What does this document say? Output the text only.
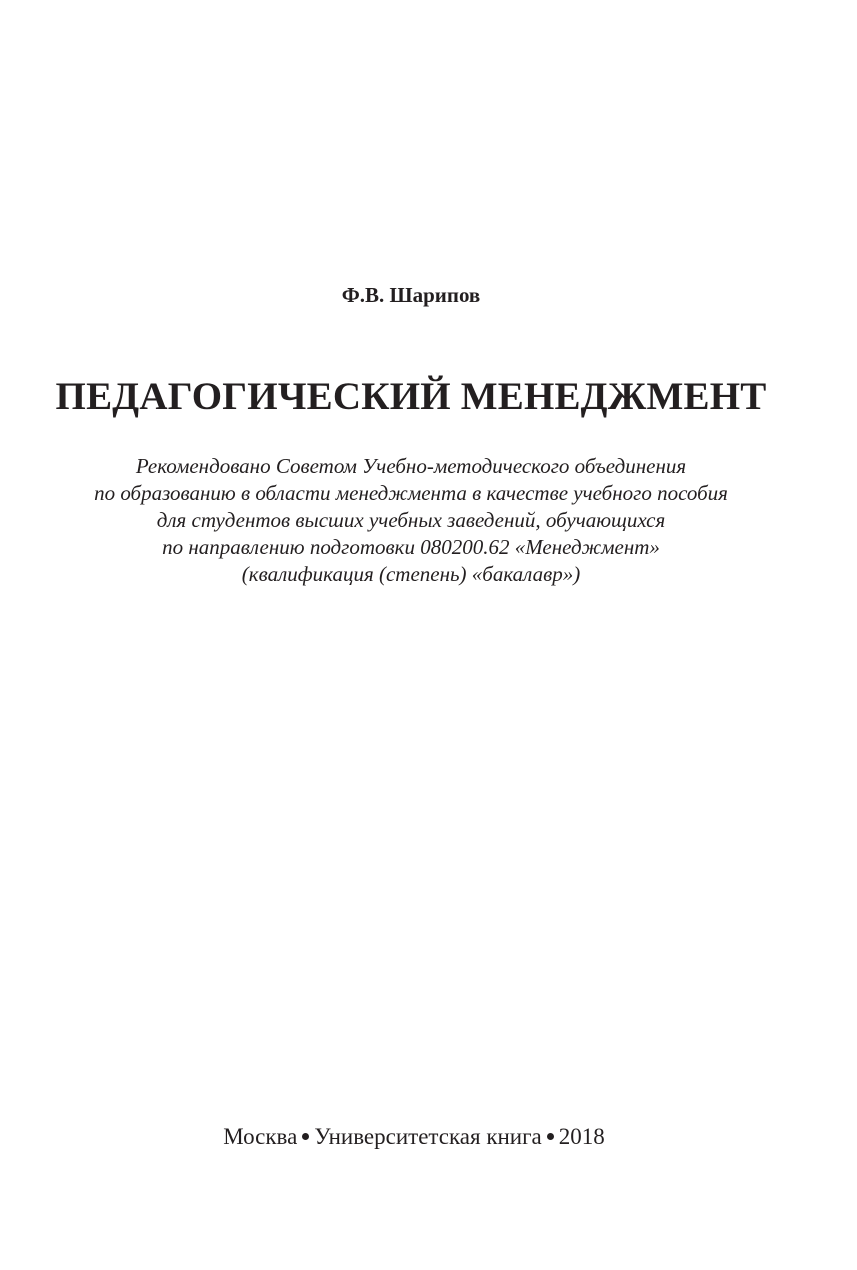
Ф.В. Шарипов
ПЕДАГОГИЧЕСКИЙ МЕНЕДЖМЕНТ
Рекомендовано Советом Учебно-методического объединения
по образованию в области менеджмента в качестве учебного пособия
для студентов высших учебных заведений, обучающихся
по направлению подготовки 080200.62 «Менеджмент»
(квалификация (степень) «бакалавр»)
Москва Университетская книга 2018
